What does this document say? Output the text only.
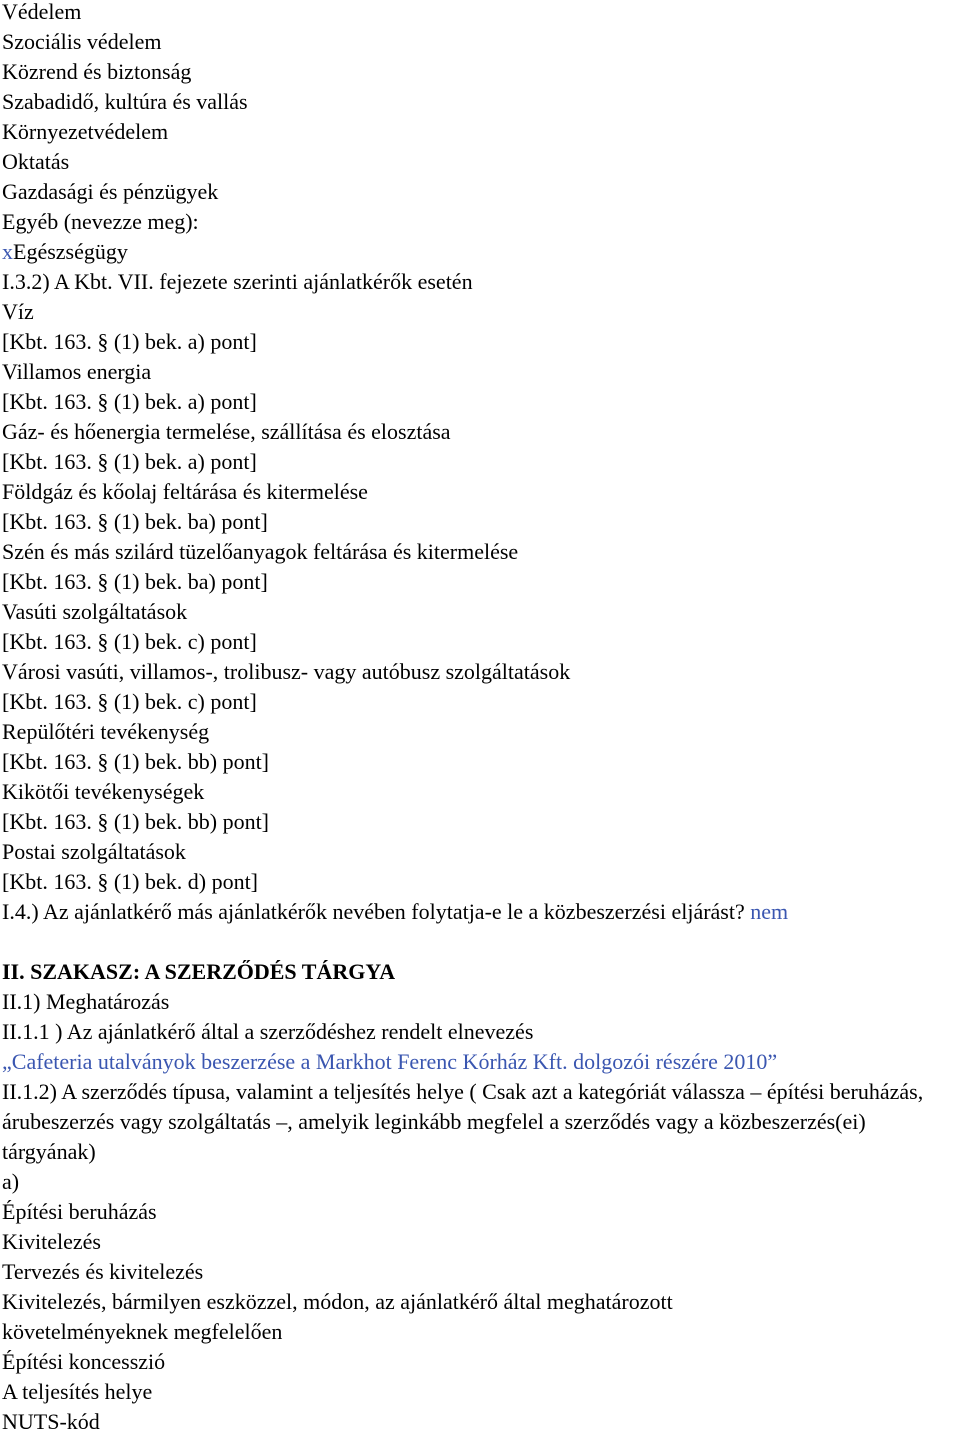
Védelem
Szociális védelem
Közrend és biztonság
Szabadidő, kultúra és vallás
Környezetvédelem
Oktatás
Gazdasági és pénzügyek
Egyéb (nevezze meg):
xEgészségügy
I.3.2) A Kbt. VII. fejezete szerinti ajánlatkérők esetén
Víz
[Kbt. 163. § (1) bek. a) pont]
Villamos energia
[Kbt. 163. § (1) bek. a) pont]
Gáz- és hőenergia termelése, szállítása és elosztása
[Kbt. 163. § (1) bek. a) pont]
Földgáz és kőolaj feltárása és kitermelése
[Kbt. 163. § (1) bek. ba) pont]
Szén és más szilárd tüzelőanyagok feltárása és kitermelése
[Kbt. 163. § (1) bek. ba) pont]
Vasúti szolgáltatások
[Kbt. 163. § (1) bek. c) pont]
Városi vasúti, villamos-, trolibusz- vagy autóbusz szolgáltatások
[Kbt. 163. § (1) bek. c) pont]
Repülőtéri tevékenység
[Kbt. 163. § (1) bek. bb) pont]
Kikötői tevékenységek
[Kbt. 163. § (1) bek. bb) pont]
Postai szolgáltatások
[Kbt. 163. § (1) bek. d) pont]
I.4.) Az ajánlatkérő más ajánlatkérők nevében folytatja-e le a közbeszerzési eljárást? nem
II. SZAKASZ: A SZERZŐDÉS TÁRGYA
II.1) Meghatározás
II.1.1 ) Az ajánlatkérő által a szerződéshez rendelt elnevezés
„Cafeteria utalványok beszerzése a Markhot Ferenc Kórház Kft. dolgozói részére 2010”
II.1.2) A szerződés típusa, valamint a teljesítés helye ( Csak azt a kategóriát válassza – építési beruházás, árubeszerzés vagy szolgáltatás –, amelyik leginkább megfelel a szerződés vagy a közbeszerzés(ei) tárgyának)
a)
Építési beruházás
Kivitelezés
Tervezés és kivitelezés
Kivitelezés, bármilyen eszközzel, módon, az ajánlatkérő által meghatározott
követelményeknek megfelelően
Építési koncesszió
A teljesítés helye
NUTS-kód
